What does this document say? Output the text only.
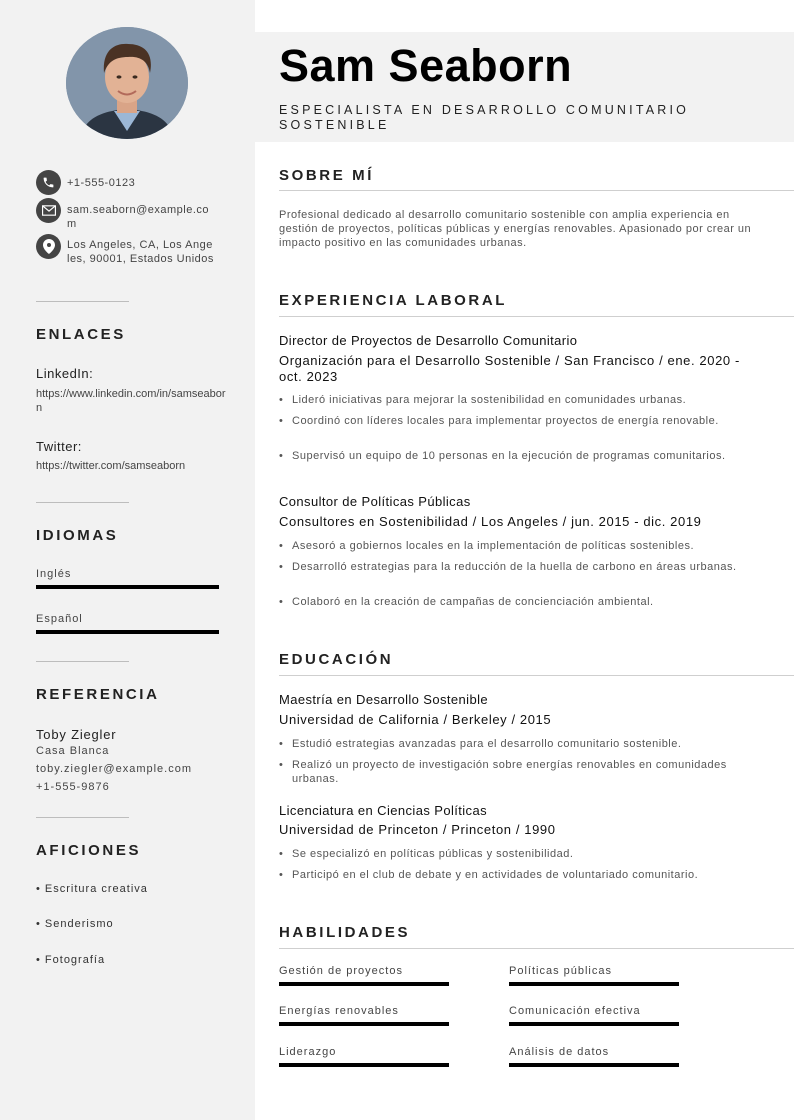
+1-555-0123
sam.seaborn@example.com
Los Angeles, CA, Los Angeles, 90001, Estados Unidos
ENLACES
LinkedIn:
https://www.linkedin.com/in/samseaborn
Twitter:
https://twitter.com/samseaborn
IDIOMAS
Inglés
Español
REFERENCIA
Toby Ziegler
Casa Blanca
toby.ziegler@example.com
+1-555-9876
AFICIONES
• Escritura creativa
• Senderismo
• Fotografía
Sam Seaborn
ESPECIALISTA EN DESARROLLO COMUNITARIO SOSTENIBLE
SOBRE MÍ
Profesional dedicado al desarrollo comunitario sostenible con amplia experiencia en gestión de proyectos, políticas públicas y energías renovables. Apasionado por crear un impacto positivo en las comunidades urbanas.
EXPERIENCIA LABORAL
Director de Proyectos de Desarrollo Comunitario
Organización para el Desarrollo Sostenible / San Francisco / ene. 2020 - oct. 2023
• Lideró iniciativas para mejorar la sostenibilidad en comunidades urbanas.
• Coordinó con líderes locales para implementar proyectos de energía renovable.
• Supervisó un equipo de 10 personas en la ejecución de programas comunitarios.
Consultor de Políticas Públicas
Consultores en Sostenibilidad / Los Angeles / jun. 2015 - dic. 2019
• Asesoró a gobiernos locales en la implementación de políticas sostenibles.
• Desarrolló estrategias para la reducción de la huella de carbono en áreas urbanas.
• Colaboró en la creación de campañas de concienciación ambiental.
EDUCACIÓN
Maestría en Desarrollo Sostenible
Universidad de California / Berkeley / 2015
• Estudió estrategias avanzadas para el desarrollo comunitario sostenible.
• Realizó un proyecto de investigación sobre energías renovables en comunidades urbanas.
Licenciatura en Ciencias Políticas
Universidad de Princeton / Princeton / 1990
• Se especializó en políticas públicas y sostenibilidad.
• Participó en el club de debate y en actividades de voluntariado comunitario.
HABILIDADES
Gestión de proyectos	Políticas públicas
Energías renovables	Comunicación efectiva
Liderazgo	Análisis de datos
